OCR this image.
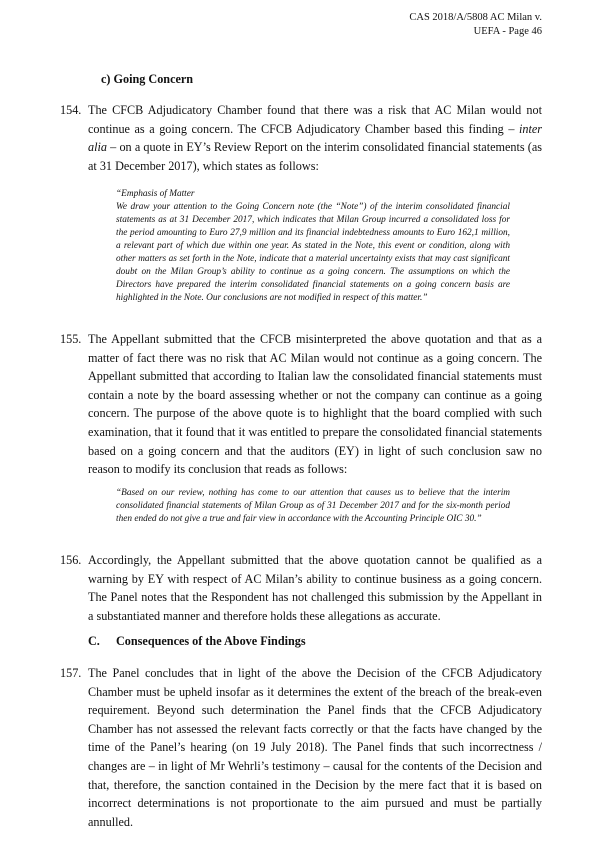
CAS 2018/A/5808 AC Milan v.
UEFA - Page 46
c) Going Concern
154. The CFCB Adjudicatory Chamber found that there was a risk that AC Milan would not continue as a going concern. The CFCB Adjudicatory Chamber based this finding – inter alia – on a quote in EY’s Review Report on the interim consolidated financial statements (as at 31 December 2017), which states as follows:
“Emphasis of Matter
We draw your attention to the Going Concern note (the “Note”) of the interim consolidated financial statements as at 31 December 2017, which indicates that Milan Group incurred a consolidated loss for the period amounting to Euro 27,9 million and its financial indebtedness amounts to Euro 162,1 million, a relevant part of which due within one year. As stated in the Note, this event or condition, along with other matters as set forth in the Note, indicate that a material uncertainty exists that may cast significant doubt on the Milan Group’s ability to continue as a going concern. The assumptions on which the Directors have prepared the interim consolidated financial statements on a going concern basis are highlighted in the Note. Our conclusions are not modified in respect of this matter.”
155. The Appellant submitted that the CFCB misinterpreted the above quotation and that as a matter of fact there was no risk that AC Milan would not continue as a going concern. The Appellant submitted that according to Italian law the consolidated financial statements must contain a note by the board assessing whether or not the company can continue as a going concern. The purpose of the above quote is to highlight that the board complied with such examination, that it found that it was entitled to prepare the consolidated financial statements based on a going concern and that the auditors (EY) in light of such conclusion saw no reason to modify its conclusion that reads as follows:
“Based on our review, nothing has come to our attention that causes us to believe that the interim consolidated financial statements of Milan Group as of 31 December 2017 and for the six-month period then ended do not give a true and fair view in accordance with the Accounting Principle OIC 30.”
156. Accordingly, the Appellant submitted that the above quotation cannot be qualified as a warning by EY with respect of AC Milan’s ability to continue business as a going concern. The Panel notes that the Respondent has not challenged this submission by the Appellant in a substantiated manner and therefore holds these allegations as accurate.
C. Consequences of the Above Findings
157. The Panel concludes that in light of the above the Decision of the CFCB Adjudicatory Chamber must be upheld insofar as it determines the extent of the breach of the break-even requirement. Beyond such determination the Panel finds that the CFCB Adjudicatory Chamber has not assessed the relevant facts correctly or that the facts have changed by the time of the Panel’s hearing (on 19 July 2018). The Panel finds that such incorrectness / changes are – in light of Mr Wehrli’s testimony – causal for the contents of the Decision and that, therefore, the sanction contained in the Decision by the mere fact that it is based on incorrect determinations is not proportionate to the aim pursued and must be partially annulled.
